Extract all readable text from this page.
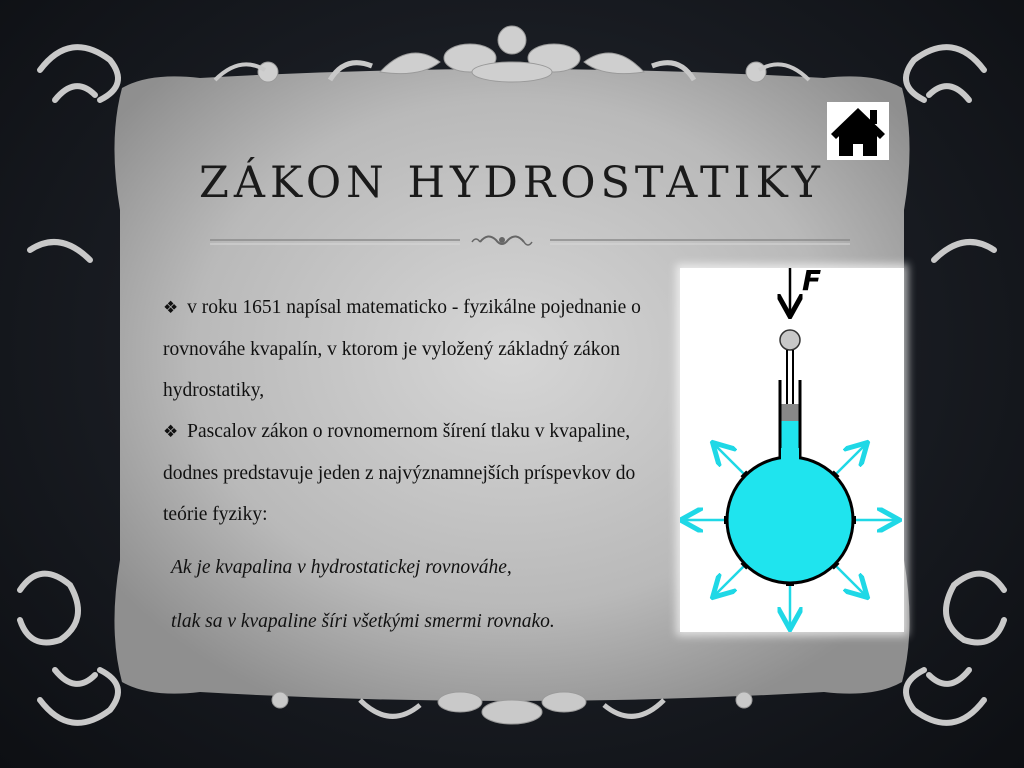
ZÁKON HYDROSTATIKY

❖ v roku 1651 napísal matematicko - fyzikálne pojednanie o rovnováhe kvapalín, v ktorom je vyložený základný zákon hydrostatiky,

❖ Pascalov zákon o rovnomernom šírení tlaku v kvapaline, dodnes predstavuje jeden z najvýznamnejších príspevkov do teórie fyziky:

Ak je kvapalina v hydrostatickej rovnováhe,

tlak sa v kvapaline šíri všetkými smermi rovnako.

F
